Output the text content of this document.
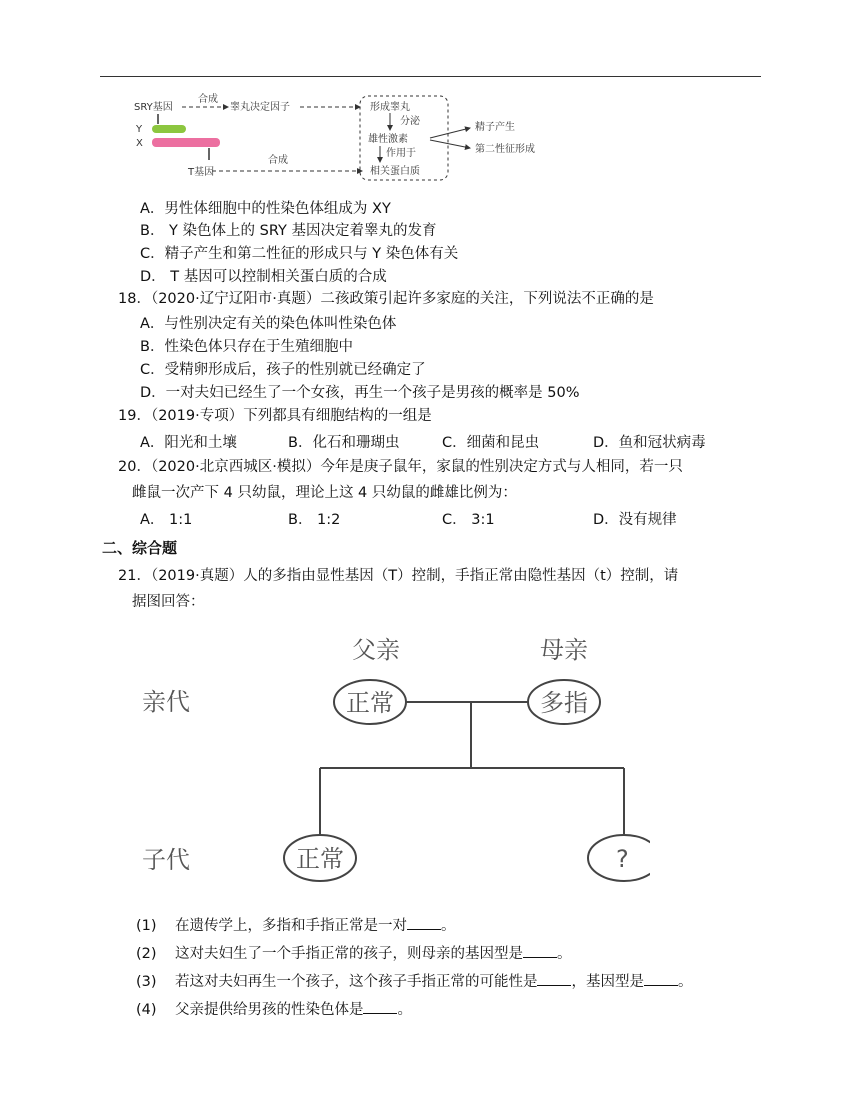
SRY基因
Y
X
T基因
合成
睾丸决定因子
合成
形成睾丸
分泌
雄性激素
作用于
相关蛋白质
精子产生
第二性征形成
A．男性体细胞中的性染色体组成为 XY
B． Y 染色体上的 SRY 基因决定着睾丸的发育
C．精子产生和第二性征的形成只与 Y 染色体有关
D． T 基因可以控制相关蛋白质的合成
18．（2020·辽宁辽阳市·真题）二孩政策引起许多家庭的关注，下列说法不正确的是
A．与性别决定有关的染色体叫性染色体
B．性染色体只存在于生殖细胞中
C．受精卵形成后，孩子的性别就已经确定了
D．一对夫妇已经生了一个女孩，再生一个孩子是男孩的概率是 50%
19．（2019·专项）下列都具有细胞结构的一组是
A．阳光和土壤	B．化石和珊瑚虫	C．细菌和昆虫	D．鱼和冠状病毒
20．（2020·北京西城区·模拟）今年是庚子鼠年，家鼠的性别决定方式与人相同，若一只
雌鼠一次产下 4 只幼鼠，理论上这 4 只幼鼠的雌雄比例为：
A． 1:1	B． 1:2	C． 3:1	D．没有规律
二、综合题
21．（2019·真题）人的多指由显性基因（T）控制，手指正常由隐性基因（t）控制，请
据图回答：
父亲	母亲
亲代	正常	多指
子代	正常	?
(1) 在遗传学上，多指和手指正常是一对 。
(2) 这对夫妇生了一个手指正常的孩子，则母亲的基因型是 。
(3) 若这对夫妇再生一个孩子，这个孩子手指正常的可能性是 ，基因型是 。
(4) 父亲提供给男孩的性染色体是 。
